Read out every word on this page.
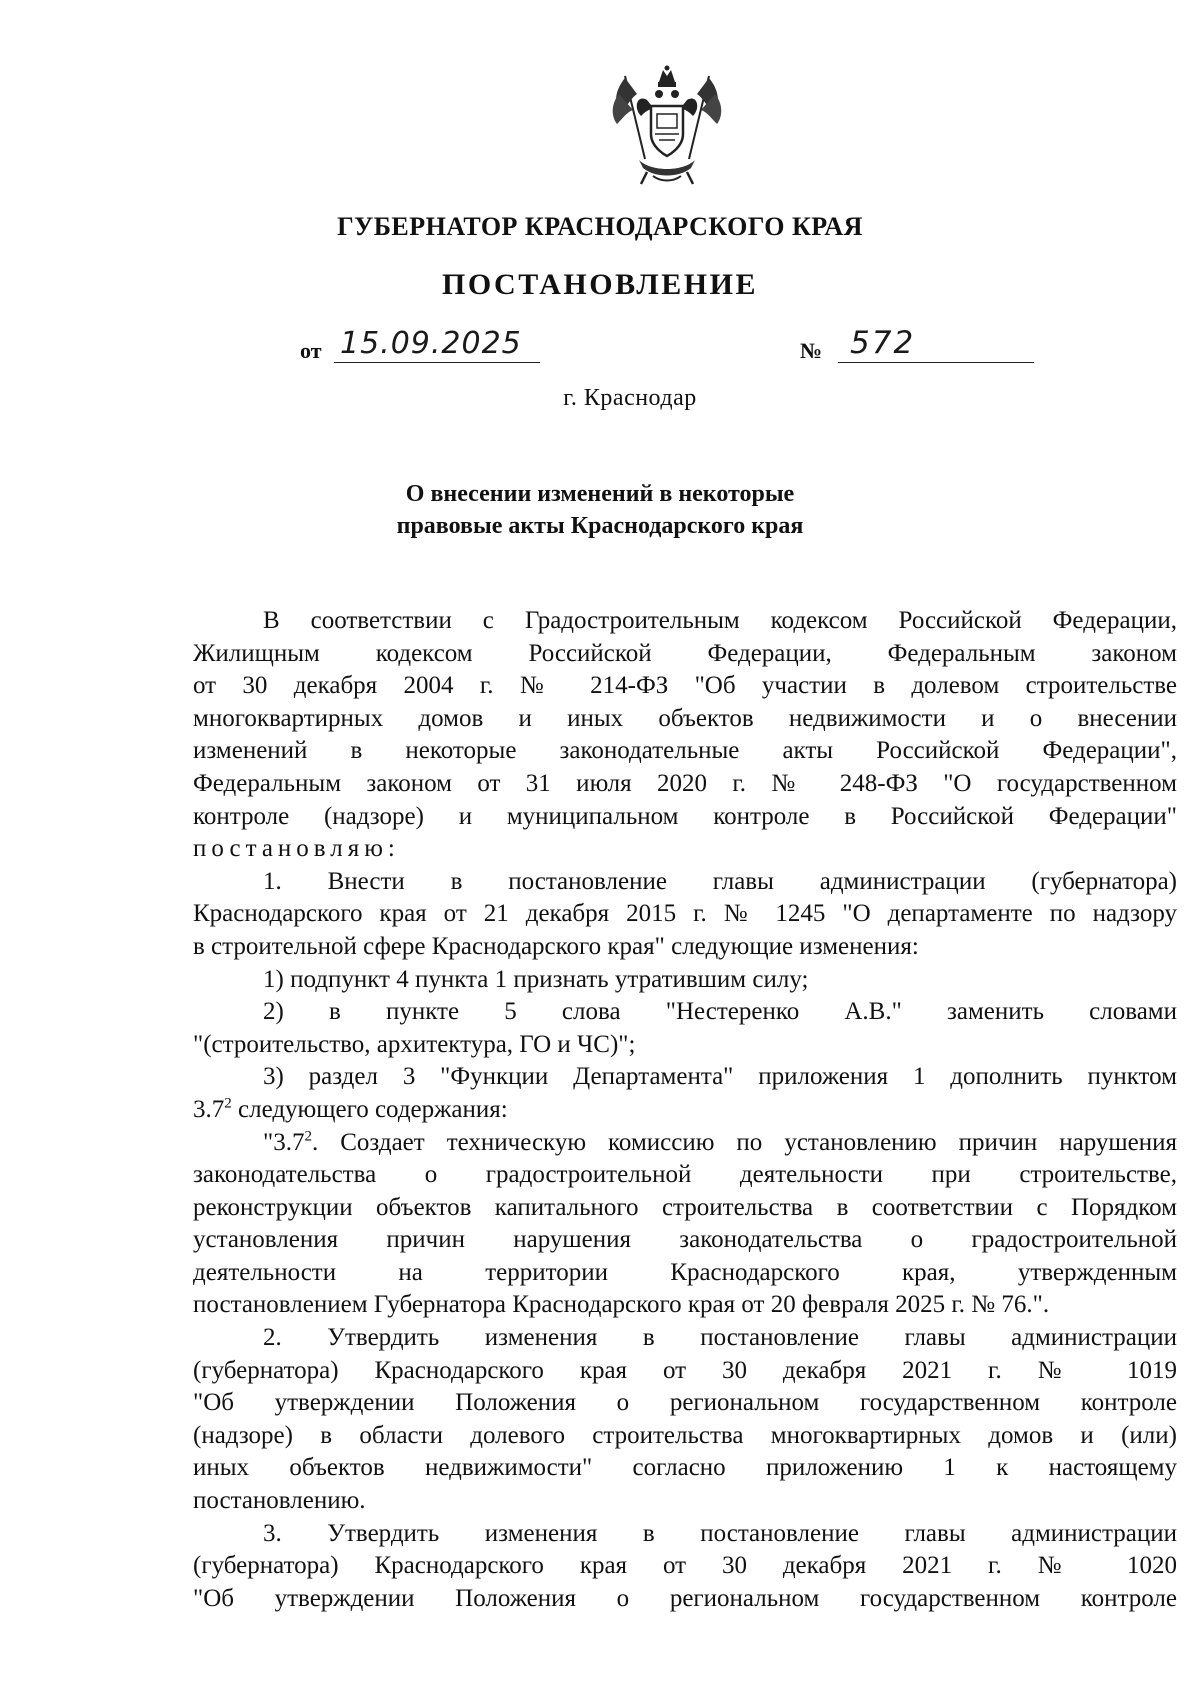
ГУБЕРНАТОР КРАСНОДАРСКОГО КРАЯ
ПОСТАНОВЛЕНИЕ
от 15.09.2025	№ 572
г. Краснодар
О внесении изменений в некоторые
правовые акты Краснодарского края

В соответствии с Градостроительным кодексом Российской Федерации,

Жилищным кодексом Российской Федерации, Федеральным законом

от 30 декабря 2004 г. № 214-ФЗ "Об участии в долевом строительстве

многоквартирных домов и иных объектов недвижимости и о внесении

изменений в некоторые законодательные акты Российской Федерации",

Федеральным законом от 31 июля 2020 г. № 248-ФЗ "О государственном

контроле (надзоре) и муниципальном контроле в Российской Федерации"

постановляю:

1. Внести в постановление главы администрации (губернатора)

Краснодарского края от 21 декабря 2015 г. № 1245 "О департаменте по надзору

в строительной сфере Краснодарского края" следующие изменения:

1) подпункт 4 пункта 1 признать утратившим силу;

2) в пункте 5 слова "Нестеренко А.В." заменить словами

"(строительство, архитектура, ГО и ЧС)";

3) раздел 3 "Функции Департамента" приложения 1 дополнить пунктом

$3.7^2$ следующего содержания:

"$3.7^2$. Создает техническую комиссию по установлению причин нарушения

законодательства о градостроительной деятельности при строительстве,

реконструкции объектов капитального строительства в соответствии с Порядком

установления причин нарушения законодательства о градостроительной

деятельности на территории Краснодарского края, утвержденным

постановлением Губернатора Краснодарского края от 20 февраля 2025 г. № 76.".

2. Утвердить изменения в постановление главы администрации

(губернатора) Краснодарского края от 30 декабря 2021 г. № 1019

"Об утверждении Положения о региональном государственном контроле

(надзоре) в области долевого строительства многоквартирных домов и (или)

иных объектов недвижимости" согласно приложению 1 к настоящему

постановлению.

3. Утвердить изменения в постановление главы администрации

(губернатора) Краснодарского края от 30 декабря 2021 г. № 1020

"Об утверждении Положения о региональном государственном контроле
